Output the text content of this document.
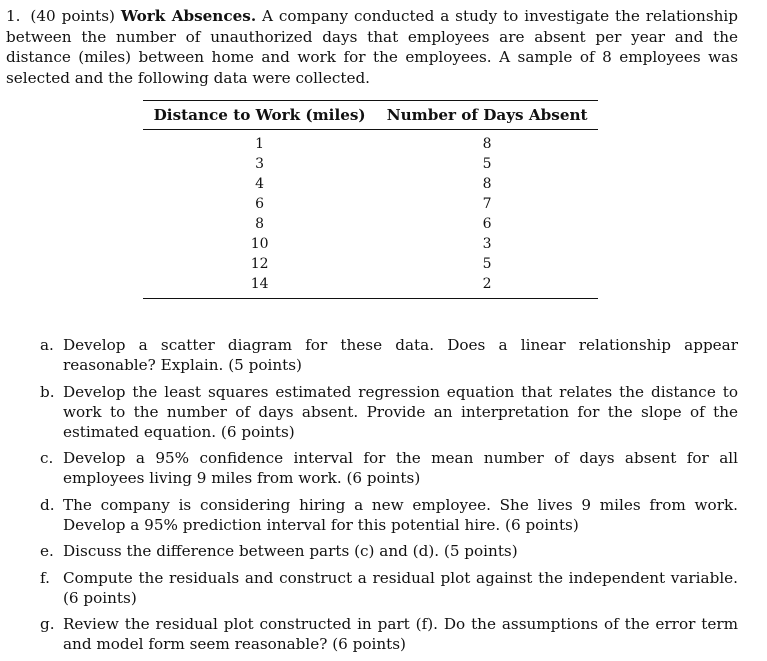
1. (40 points) Work Absences. A company conducted a study to investigate the relationship between the number of unauthorized days that employees are absent per year and the distance (miles) between home and work for the employees. A sample of 8 employees was selected and the following data were collected.
Distance to Work (miles)	Number of Days Absent
1	8
3	5
4	8
6	7
8	6
10	3
12	5
14	2
a. Develop a scatter diagram for these data. Does a linear relationship appear reasonable? Explain. (5 points)
b. Develop the least squares estimated regression equation that relates the distance to work to the number of days absent. Provide an interpretation for the slope of the estimated equation. (6 points)
c. Develop a 95% confidence interval for the mean number of days absent for all employees living 9 miles from work. (6 points)
d. The company is considering hiring a new employee. She lives 9 miles from work. Develop a 95% prediction interval for this potential hire. (6 points)
e. Discuss the difference between parts (c) and (d). (5 points)
f. Compute the residuals and construct a residual plot against the independent variable. (6 points)
g. Review the residual plot constructed in part (f). Do the assumptions of the error term and model form seem reasonable? (6 points)
